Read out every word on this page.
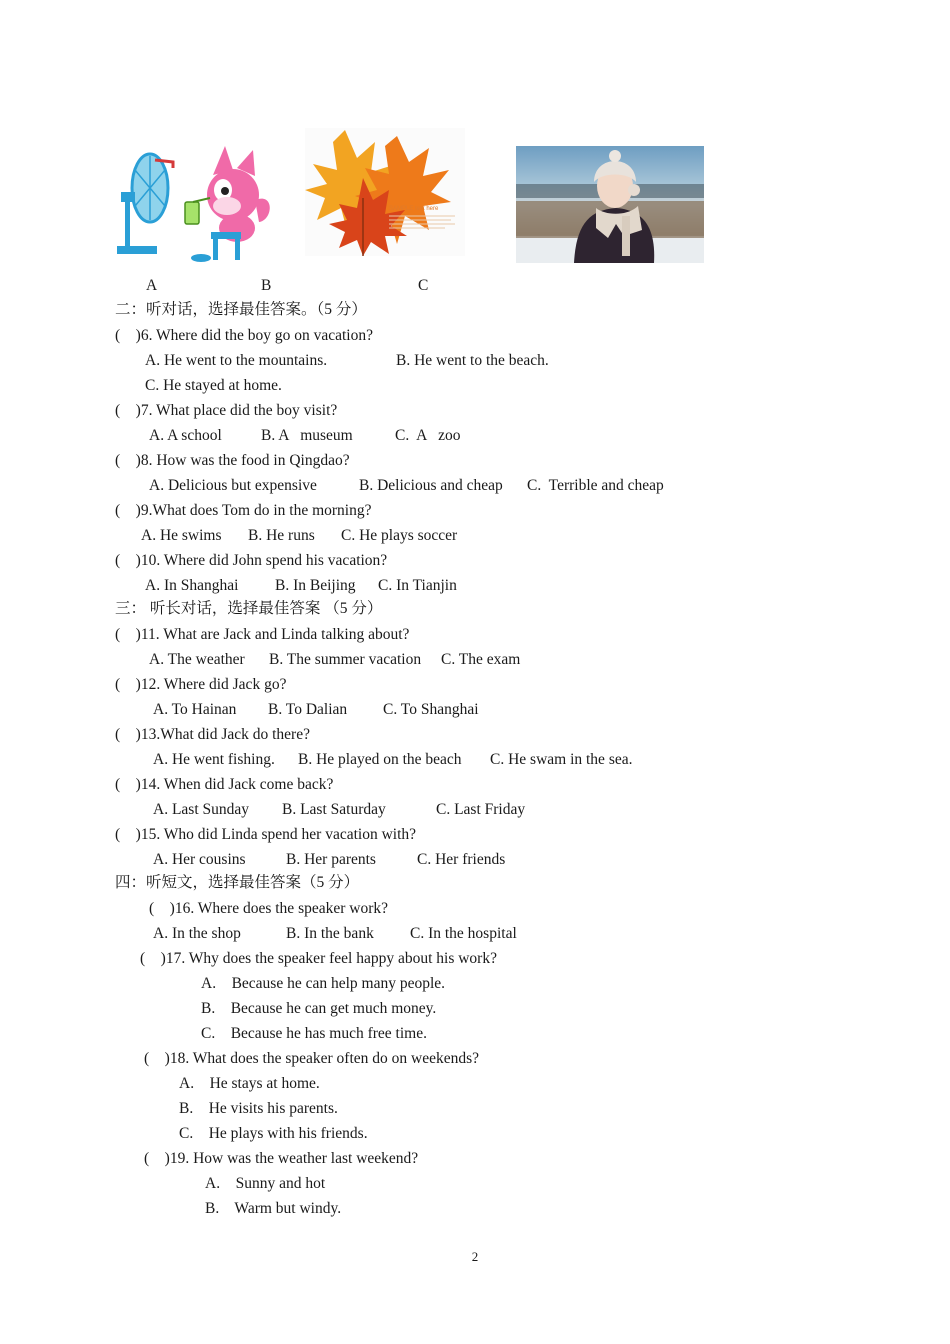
SAMPLE text here
A	B	C
二：听对话，选择最佳答案。（5 分）
(    )6. Where did the boy go on vacation?
A. He went to the mountains.	B. He went to the beach.
C. He stayed at home.
(    )7. What place did the boy visit?
A. A school	B. A   museum	C.  A   zoo
(    )8. How was the food in Qingdao?
A. Delicious but expensive	B. Delicious and cheap C.  Terrible and cheap
(    )9.What does Tom do in the morning?
A. He swims B. He runs C. He plays soccer
(    )10. Where did John spend his vacation?
A. In Shanghai B. In Beijing C. In Tianjin
三： 听长对话，选择最佳答案 （5 分）
(    )11. What are Jack and Linda talking about?
A. The weather B. The summer vacation C. The exam
(    )12. Where did Jack go?
A. To Hainan B. To Dalian C. To Shanghai
(    )13.What did Jack do there?
A. He went fishing. B. He played on the beach C. He swam in the sea.
(    )14. When did Jack come back?
A. Last Sunday B. Last Saturday	C. Last Friday
(    )15. Who did Linda spend her vacation with?
A. Her cousins	B. Her parents	C. Her friends
四：听短文，选择最佳答案（5 分）
(    )16. Where does the speaker work?
A. In the shop	B. In the bank C. In the hospital
(    )17. Why does the speaker feel happy about his work?
A.    Because he can help many people.
B.    Because he can get much money.
C.    Because he has much free time.
(    )18. What does the speaker often do on weekends?
A.    He stays at home.
B.    He visits his parents.
C.    He plays with his friends.
(    )19. How was the weather last weekend?
A.    Sunny and hot
B.    Warm but windy.
2
